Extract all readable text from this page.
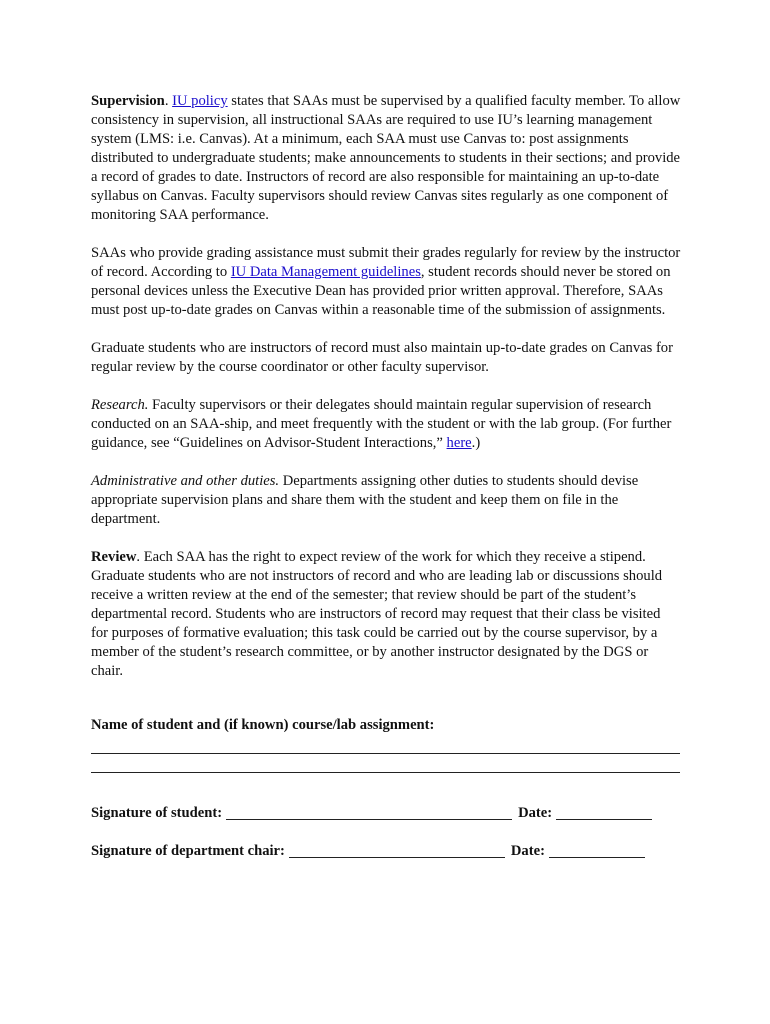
Supervision. IU policy states that SAAs must be supervised by a qualified faculty member. To allow consistency in supervision, all instructional SAAs are required to use IU’s learning management system (LMS: i.e. Canvas). At a minimum, each SAA must use Canvas to: post assignments distributed to undergraduate students; make announcements to students in their sections; and provide a record of grades to date. Instructors of record are also responsible for maintaining an up-to-date syllabus on Canvas. Faculty supervisors should review Canvas sites regularly as one component of monitoring SAA performance.

SAAs who provide grading assistance must submit their grades regularly for review by the instructor of record. According to IU Data Management guidelines, student records should never be stored on personal devices unless the Executive Dean has provided prior written approval. Therefore, SAAs must post up-to-date grades on Canvas within a reasonable time of the submission of assignments.

Graduate students who are instructors of record must also maintain up-to-date grades on Canvas for regular review by the course coordinator or other faculty supervisor.

Research. Faculty supervisors or their delegates should maintain regular supervision of research conducted on an SAA-ship, and meet frequently with the student or with the lab group. (For further guidance, see “Guidelines on Advisor-Student Interactions,” here.)

Administrative and other duties. Departments assigning other duties to students should devise appropriate supervision plans and share them with the student and keep them on file in the department.

Review. Each SAA has the right to expect review of the work for which they receive a stipend. Graduate students who are not instructors of record and who are leading lab or discussions should receive a written review at the end of the semester; that review should be part of the student’s departmental record. Students who are instructors of record may request that their class be visited for purposes of formative evaluation; this task could be carried out by the course supervisor, by a member of the student’s research committee, or by another instructor designated by the DGS or chair.

Name of student and (if known) course/lab assignment:
Signature of student:	Date:
Signature of department chair:	Date:
